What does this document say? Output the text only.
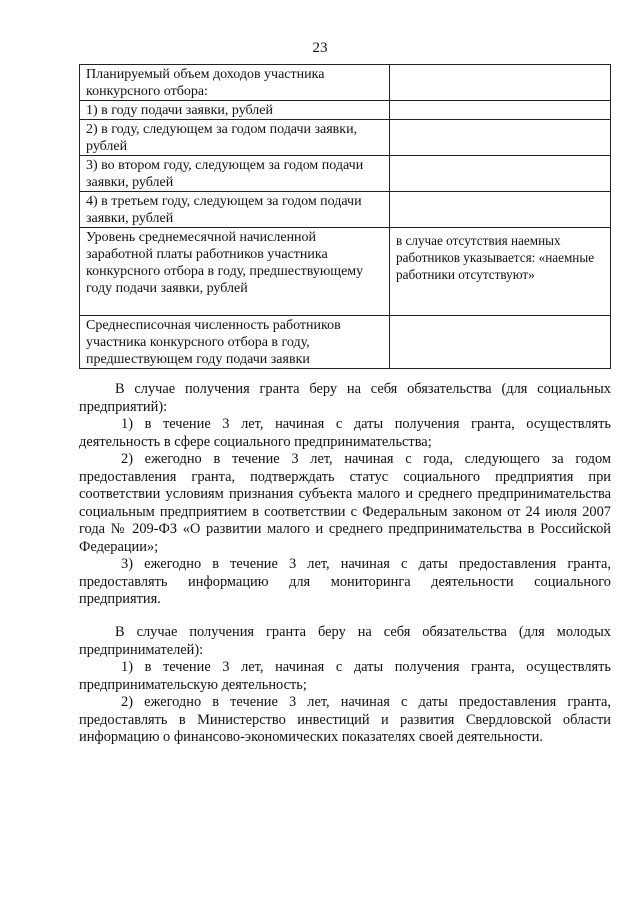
23
Планируемый объем доходов участника конкурсного отбора:	
1) в году подачи заявки, рублей	
2) в году, следующем за годом подачи заявки, рублей	
3) во втором году, следующем за годом подачи заявки, рублей	
4) в третьем году, следующем за годом подачи заявки, рублей	
Уровень среднемесячной начисленной заработной платы работников участника конкурсного отбора в году, предшествующему году подачи заявки, рублей	в случае отсутствия наемных работников указывается: «наемные работники отсутствуют»
Среднесписочная численность работников участника конкурсного отбора в году, предшествующем году подачи заявки	

В случае получения гранта беру на себя обязательства (для социальных предприятий):

1) в течение 3 лет, начиная с даты получения гранта, осуществлять деятельность в сфере социального предпринимательства;

2) ежегодно в течение 3 лет, начиная с года, следующего за годом предоставления гранта, подтверждать статус социального предприятия при соответствии условиям признания субъекта малого и среднего предпринимательства социальным предприятием в соответствии с Федеральным законом от 24 июля 2007 года № 209-ФЗ «О развитии малого и среднего предпринимательства в Российской Федерации»;

3) ежегодно в течение 3 лет, начиная с даты предоставления гранта, предоставлять информацию для мониторинга деятельности социального предприятия.

В случае получения гранта беру на себя обязательства (для молодых предпринимателей):

1) в течение 3 лет, начиная с даты получения гранта, осуществлять предпринимательскую деятельность;

2) ежегодно в течение 3 лет, начиная с даты предоставления гранта, предоставлять в Министерство инвестиций и развития Свердловской области информацию о финансово-экономических показателях своей деятельности.
